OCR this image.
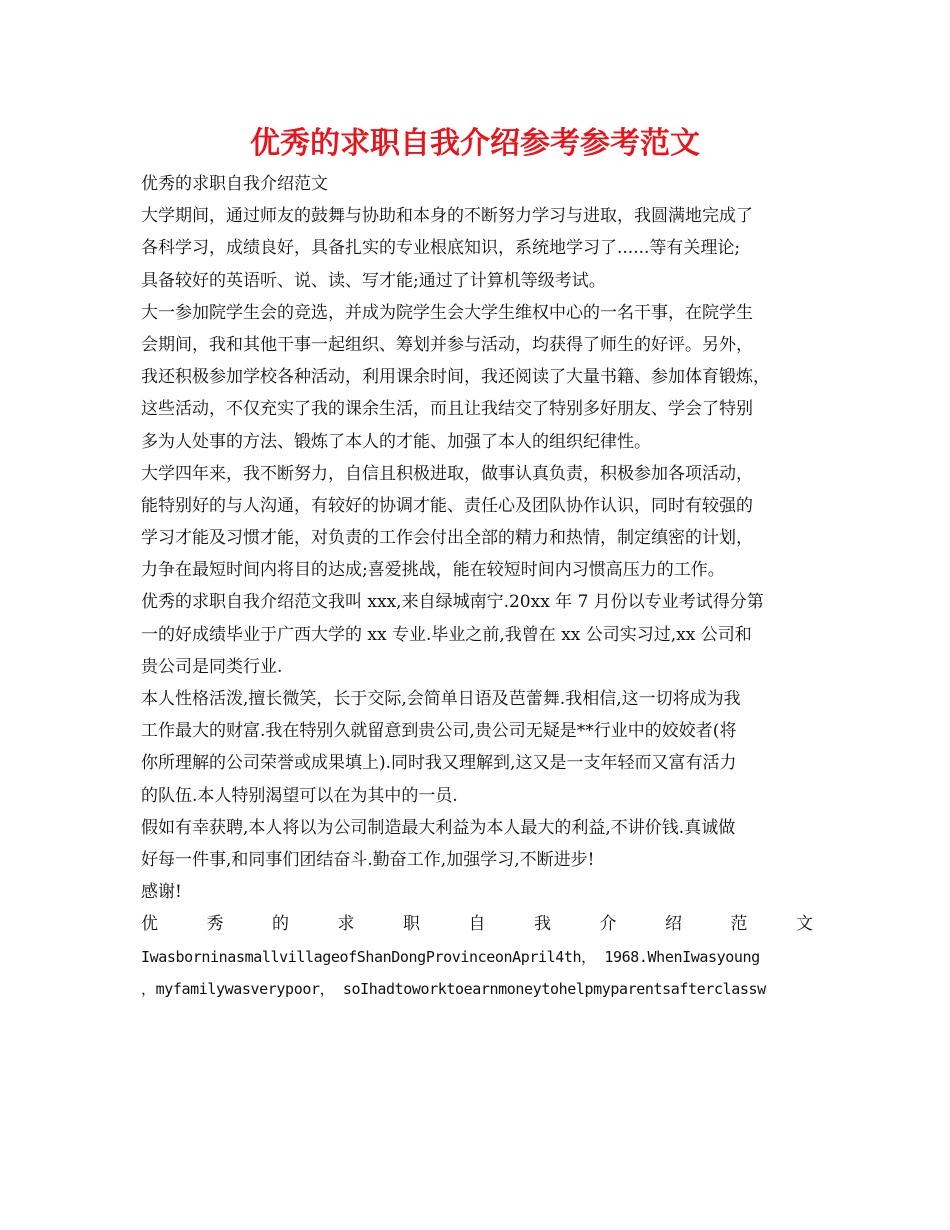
优秀的求职自我介绍参考参考范文
优秀的求职自我介绍范文
大学期间，通过师友的鼓舞与协助和本身的不断努力学习与进取，我圆满地完成了
各科学习，成绩良好，具备扎实的专业根底知识，系统地学习了......等有关理论;
具备较好的英语听、说、读、写才能;通过了计算机等级考试。
大一参加院学生会的竞选，并成为院学生会大学生维权中心的一名干事，在院学生
会期间，我和其他干事一起组织、筹划并参与活动，均获得了师生的好评。另外，
我还积极参加学校各种活动，利用课余时间，我还阅读了大量书籍、参加体育锻炼，
这些活动，不仅充实了我的课余生活，而且让我结交了特别多好朋友、学会了特别
多为人处事的方法、锻炼了本人的才能、加强了本人的组织纪律性。
大学四年来，我不断努力，自信且积极进取，做事认真负责，积极参加各项活动，
能特别好的与人沟通，有较好的协调才能、责任心及团队协作认识，同时有较强的
学习才能及习惯才能，对负责的工作会付出全部的精力和热情，制定缜密的计划，
力争在最短时间内将目的达成;喜爱挑战，能在较短时间内习惯高压力的工作。
优秀的求职自我介绍范文我叫 xxx,来自绿城南宁.20xx 年 7 月份以专业考试得分第
一的好成绩毕业于广西大学的 xx 专业.毕业之前,我曾在 xx 公司实习过,xx 公司和
贵公司是同类行业.
本人性格活泼,擅长微笑，长于交际,会简单日语及芭蕾舞.我相信,这一切将成为我
工作最大的财富.我在特别久就留意到贵公司,贵公司无疑是**行业中的姣姣者(将
你所理解的公司荣誉或成果填上).同时我又理解到,这又是一支年轻而又富有活力
的队伍.本人特别渴望可以在为其中的一员.
假如有幸获聘,本人将以为公司制造最大利益为本人最大的利益,不讲价钱.真诚做
好每一件事,和同事们团结奋斗.勤奋工作,加强学习,不断进步!
感谢!
优	秀	的	求	职	自	我	介	绍	范	文
IwasborninasmallvillageofShanDongProvinceonApril4th， 1968.WhenIwasyoung
，myfamilywasverypoor， soIhadtoworktoearnmoneytohelpmyparentsafterclassw
